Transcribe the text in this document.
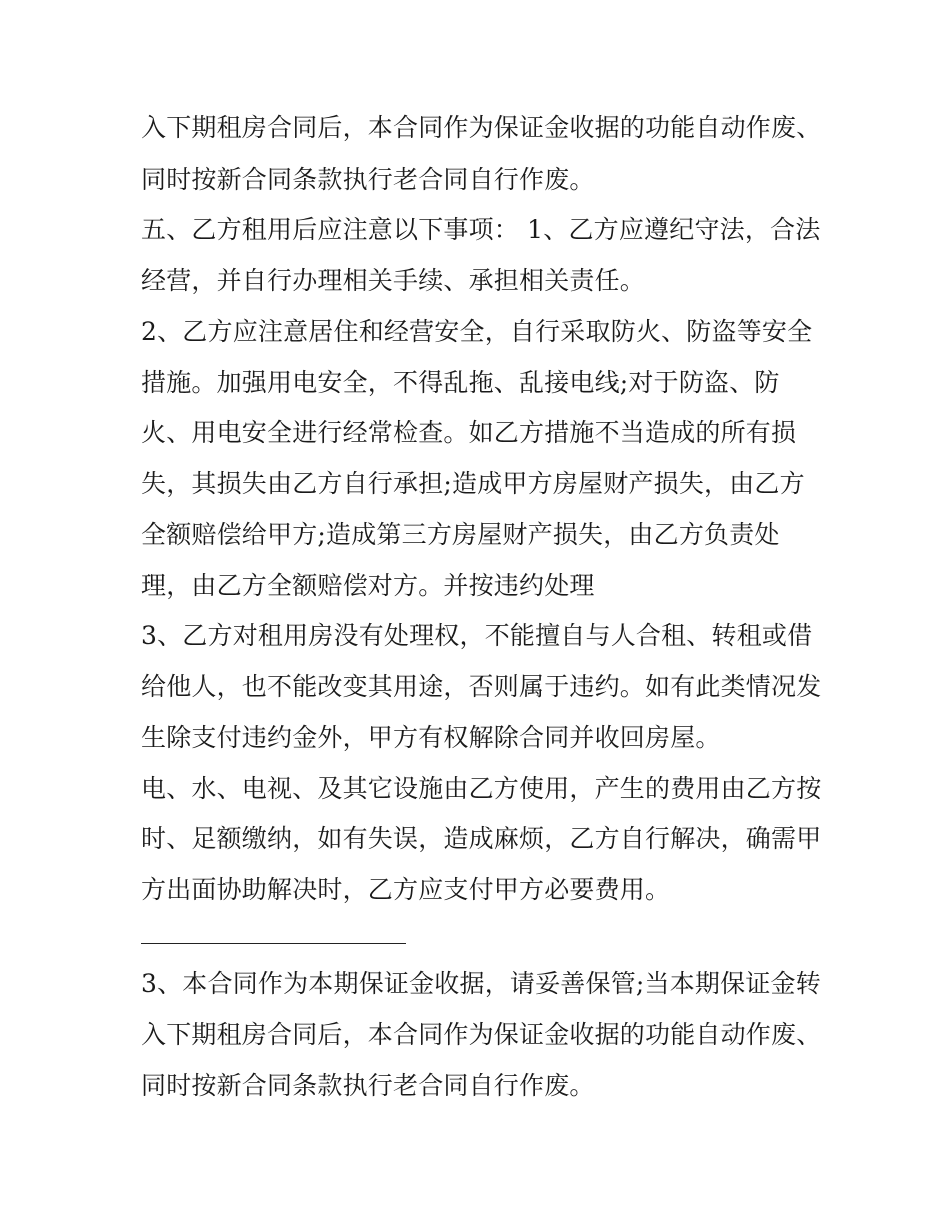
入下期租房合同后，本合同作为保证金收据的功能自动作废、
同时按新合同条款执行老合同自行作废。
五、乙方租用后应注意以下事项： 1、乙方应遵纪守法，合法
经营，并自行办理相关手续、承担相关责任。
2、乙方应注意居住和经营安全，自行采取防火、防盗等安全
措施。加强用电安全，不得乱拖、乱接电线;对于防盗、防
火、用电安全进行经常检查。如乙方措施不当造成的所有损
失，其损失由乙方自行承担;造成甲方房屋财产损失，由乙方
全额赔偿给甲方;造成第三方房屋财产损失，由乙方负责处
理，由乙方全额赔偿对方。并按违约处理
3、乙方对租用房没有处理权，不能擅自与人合租、转租或借
给他人，也不能改变其用途，否则属于违约。如有此类情况发
生除支付违约金外，甲方有权解除合同并收回房屋。
电、水、电视、及其它设施由乙方使用，产生的费用由乙方按
时、足额缴纳，如有失误，造成麻烦，乙方自行解决，确需甲
方出面协助解决时，乙方应支付甲方必要费用。
3、本合同作为本期保证金收据，请妥善保管;当本期保证金转
入下期租房合同后，本合同作为保证金收据的功能自动作废、
同时按新合同条款执行老合同自行作废。
